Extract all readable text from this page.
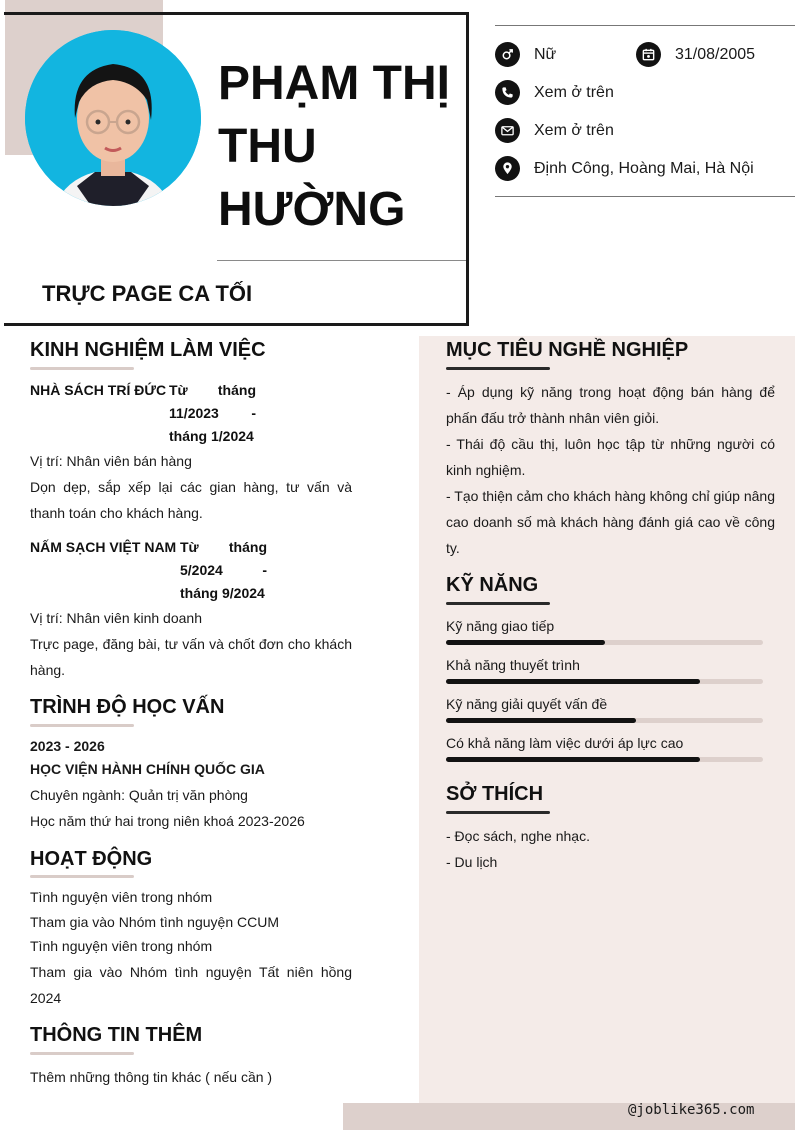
PHẠM THỊ
THU
HƯỜNG
TRỰC PAGE CA TỐI
Nữ	31/08/2005
Xem ở trên
Xem ở trên
Định Công, Hoàng Mai, Hà Nội
KINH NGHIỆM LÀM VIỆC
NHÀ SÁCH TRÍ ĐỨC Từ tháng
11/2023 -
tháng 1/2024
Vị trí: Nhân viên bán hàng
Dọn dẹp, sắp xếp lại các gian hàng, tư vấn và thanh toán cho khách hàng.
NẤM SẠCH VIỆT NAM Từ tháng
5/2024 -
tháng 9/2024
Vị trí: Nhân viên kinh doanh
Trực page, đăng bài, tư vấn và chốt đơn cho khách hàng.
TRÌNH ĐỘ HỌC VẤN
2023 - 2026
HỌC VIỆN HÀNH CHÍNH QUỐC GIA
Chuyên ngành: Quản trị văn phòng
Học năm thứ hai trong niên khoá 2023-2026
HOẠT ĐỘNG
Tình nguyện viên trong nhóm
Tham gia vào Nhóm tình nguyện CCUM
Tình nguyện viên trong nhóm
Tham gia vào Nhóm tình nguyện Tất niên hồng 2024
THÔNG TIN THÊM
Thêm những thông tin khác ( nếu cần )
MỤC TIÊU NGHỀ NGHIỆP
- Áp dụng kỹ năng trong hoạt động bán hàng để phấn đấu trở thành nhân viên giỏi.
- Thái độ cầu thị, luôn học tập từ những người có kinh nghiệm.
- Tạo thiện cảm cho khách hàng không chỉ giúp nâng cao doanh số mà khách hàng đánh giá cao về công ty.
KỸ NĂNG
Kỹ năng giao tiếp
Khả năng thuyết trình
Kỹ năng giải quyết vấn đề
Có khả năng làm việc dưới áp lực cao
SỞ THÍCH
- Đọc sách, nghe nhạc.
- Du lịch
@joblike365.com
